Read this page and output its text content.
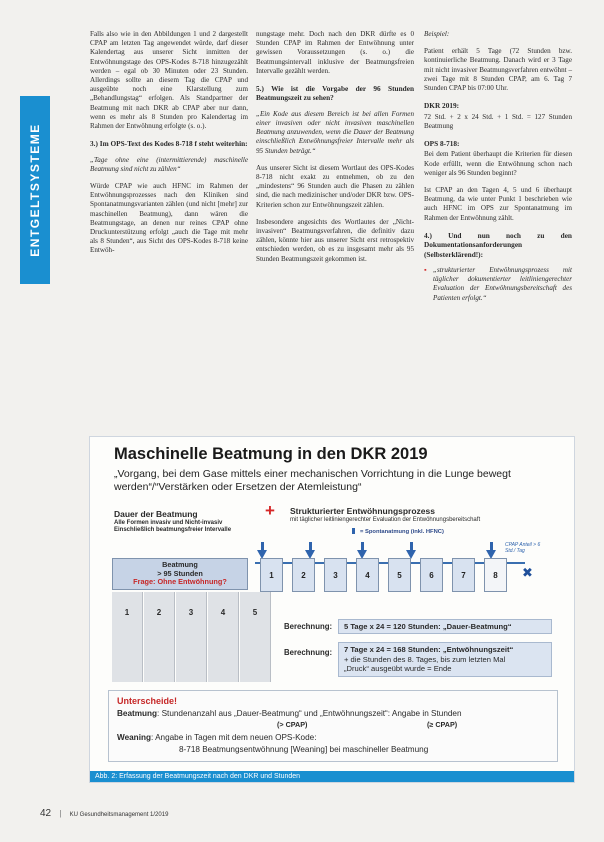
ENTGELTSYSTEME

Falls also wie in den Abbildungen 1 und 2 dargestellt CPAP am letzten Tag angewendet würde, darf dieser Kalendertag aus unserer Sicht inmitten der Entwöhnungstage des OPS-Kodes 8-718 hinzugezählt werden – egal ob 30 Minuten oder 23 Stunden. Allerdings sollte an diesem Tag die CPAP und ausgeübte noch eine Klarstellung zum „Behandlungstag“ erfolgen. Als Standpartner der Beatmung mit nach DKR ab CPAP aber nur dann, wenn es mehr als 8 Stunden pro Kalendertag im Rahmen der Entwöhnung erfolgte (s. o.).

3.) Im OPS-Text des Kodes 8-718 f steht weiterhin:

„Tage ohne eine (intermittierende) maschinelle Beatmung sind nicht zu zählen“

Würde CPAP wie auch HFNC im Rahmen der Entwöhnungsprozesses nach den Kliniken sind Spontanatmungsvarianten zählen (und nicht [mehr] zur maschinellen Beatmung), dann wären die Beatmungstage, an denen nur reines CPAP ohne Druckunterstützung erfolgt „auch die Tage mit mehr als 8 Stunden“, aus Sicht des OPS-Kodes 8-718 keine Entwöh-

nungstage mehr. Doch nach den DKR dürfte es 0 Stunden CPAP im Rahmen der Entwöhnung unter gewissen Voraussetzungen (s. o.) die Beatmungsintervall inklusive der Beatmungsfreien Intervalle gezählt werden.

5.) Wie ist die Vorgabe der 96 Stunden Beatmungszeit zu sehen?

„Ein Kode aus diesem Bereich ist bei allen Formen einer invasiven oder nicht invasiven maschinellen Beatmung anzuwenden, wenn die Dauer der Beatmung einschließlich Entwöhnungsfreier Intervalle mehr als 95 Stunden beträgt.“

Aus unserer Sicht ist diesem Wortlaut des OPS-Kodes 8-718 nicht exakt zu entnehmen, ob zu den „mindestens“ 96 Stunden auch die Phasen zu zählen sind, die nach medizinischer und/oder DKR bzw. OPS-Kriterien schon zur Entwöhnungszeit zählen.

Insbesondere angesichts des Wortlautes der „Nicht-invasiven“ Beatmungsverfahren, die definitiv dazu zählen, könnte hier aus unserer Sicht erst retrospektiv entschieden werden, ob es zu insgesamt mehr als 95 Stunden Beatmungszeit gekommen ist.

Beispiel:

Patient erhält 5 Tage (72 Stunden bzw. kontinuierliche Beatmung. Danach wird er 3 Tage mit nicht invasiver Beatmungsverfahren entwöhnt – zwei Tage mit 8 Stunden CPAP, am 6. Tag 7 Stunden CPAP bis 07:00 Uhr.

DKR 2019:

72 Std. + 2 x 24 Std. + 1 Std. = 127 Stunden Beatmung

OPS 8-718:

Bei dem Patient überhaupt die Kriterien für diesen Kode erfüllt, wenn die Entwöhnung schon nach weniger als 96 Stunden beginnt?

Ist CPAP an den Tagen 4, 5 und 6 überhaupt Beatmung, da wie unter Punkt 1 beschrieben wie auch HFNC im OPS zur Spontanatmung im Rahmen der Entwöhnung zählt.

4.) Und nun noch zu den Dokumentationsanforderungen (Selbsterklärend!):
▪ „strukturierter Entwöhnungsprozess mit täglicher dokumentierter leitliniengerechter Evaluation der Entwöhnungsbereitschaft des Patienten erfolgt.“
Maschinelle Beatmung in den DKR 2019
„Vorgang, bei dem Gase mittels einer mechanischen Vorrichtung in die Lunge bewegt werden“/“Verstärken oder Ersetzen der Atemleistung“
Dauer der Beatmung
Alle Formen invasiv und Nicht-invasiv
Einschließlich beatmungsfreier Intervalle
+ Strukturierter Entwöhnungsprozess
mit täglicher leitliniengerechter Evaluation der Entwöhnungsbereitschaft
= Spontanatmung (inkl. HFNC)
CPAP Anteil > 6 Std./ Tag
Beatmung
> 95 Stunden
Frage: Ohne Entwöhnung?
1	2	3	4	5	6	7	8	✖
1	2	3	4	5
Berechnung:	5 Tage x 24 = 120 Stunden: „Dauer-Beatmung“
Berechnung: 7 Tage x 24 = 168 Stunden: „Entwöhnungszeit“
+ die Stunden des 8. Tages, bis zum letzten Mal
„Druck“ ausgeübt wurde = Ende
Unterscheide!
Beatmung: Stundenanzahl aus „Dauer-Beatmung“ und „Entwöhnungszeit“: Angabe in Stunden
(> CPAP)	(≥ CPAP)
Weaning: Angabe in Tagen mit dem neuen OPS-Kode:
8-718 Beatmungsentwöhnung [Weaning] bei maschineller Beatmung
Abb. 2: Erfassung der Beatmungszeit nach den DKR und Stunden
42 | KU Gesundheitsmanagement 1/2019
